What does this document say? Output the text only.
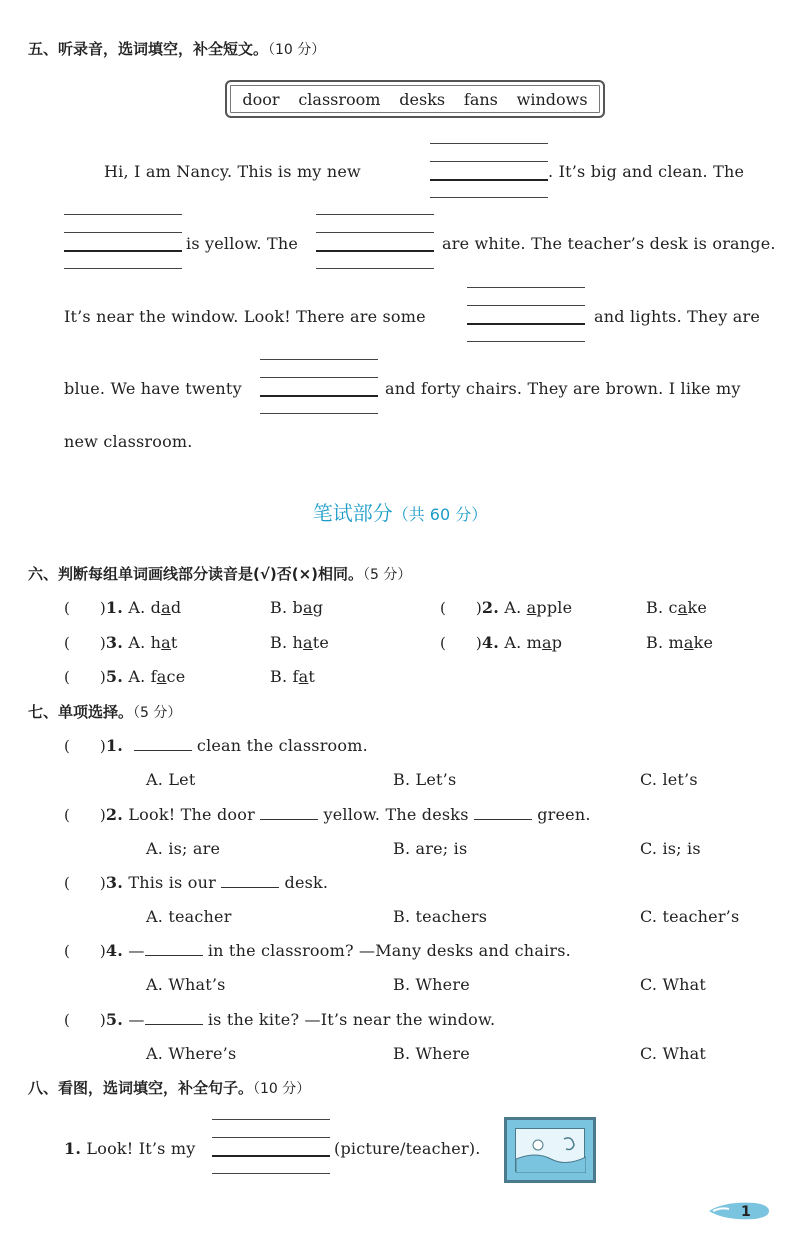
五、听录音，选词填空，补全短文。（10 分）
door classroom desks fans windows
Hi, I am Nancy. This is my new	. It’s big and clean. The
is yellow. The	are white. The teacher’s desk is orange.
It’s near the window. Look! There are some	and lights. They are
blue. We have twenty	and forty chairs. They are brown. I like my
new classroom.
笔试部分（共 60 分）
六、判断每组单词画线部分读音是(√)否(×)相同。（5 分）
(      )1. A. dad	B. bag	(      )2. A. apple	B. cake
(      )3. A. hat	B. hate	(      )4. A. map	B. make
(      )5. A. face	B. fat
七、单项选择。（5 分）
(      )1.	clean the classroom.
A. Let	B. Let’s	C. let’s
(      )2. Look! The door	yellow. The desks	green.
A. is; are	B. are; is	C. is; is
(      )3. This is our	desk.
A. teacher	B. teachers	C. teacher’s
(      )4. —	in the classroom? —Many desks and chairs.
A. What’s	B. Where	C. What
(      )5. —	is the kite? —It’s near the window.
A. Where’s	B. Where	C. What
八、看图，选词填空，补全句子。（10 分）
1. Look! It’s my	(picture/teacher).
1
